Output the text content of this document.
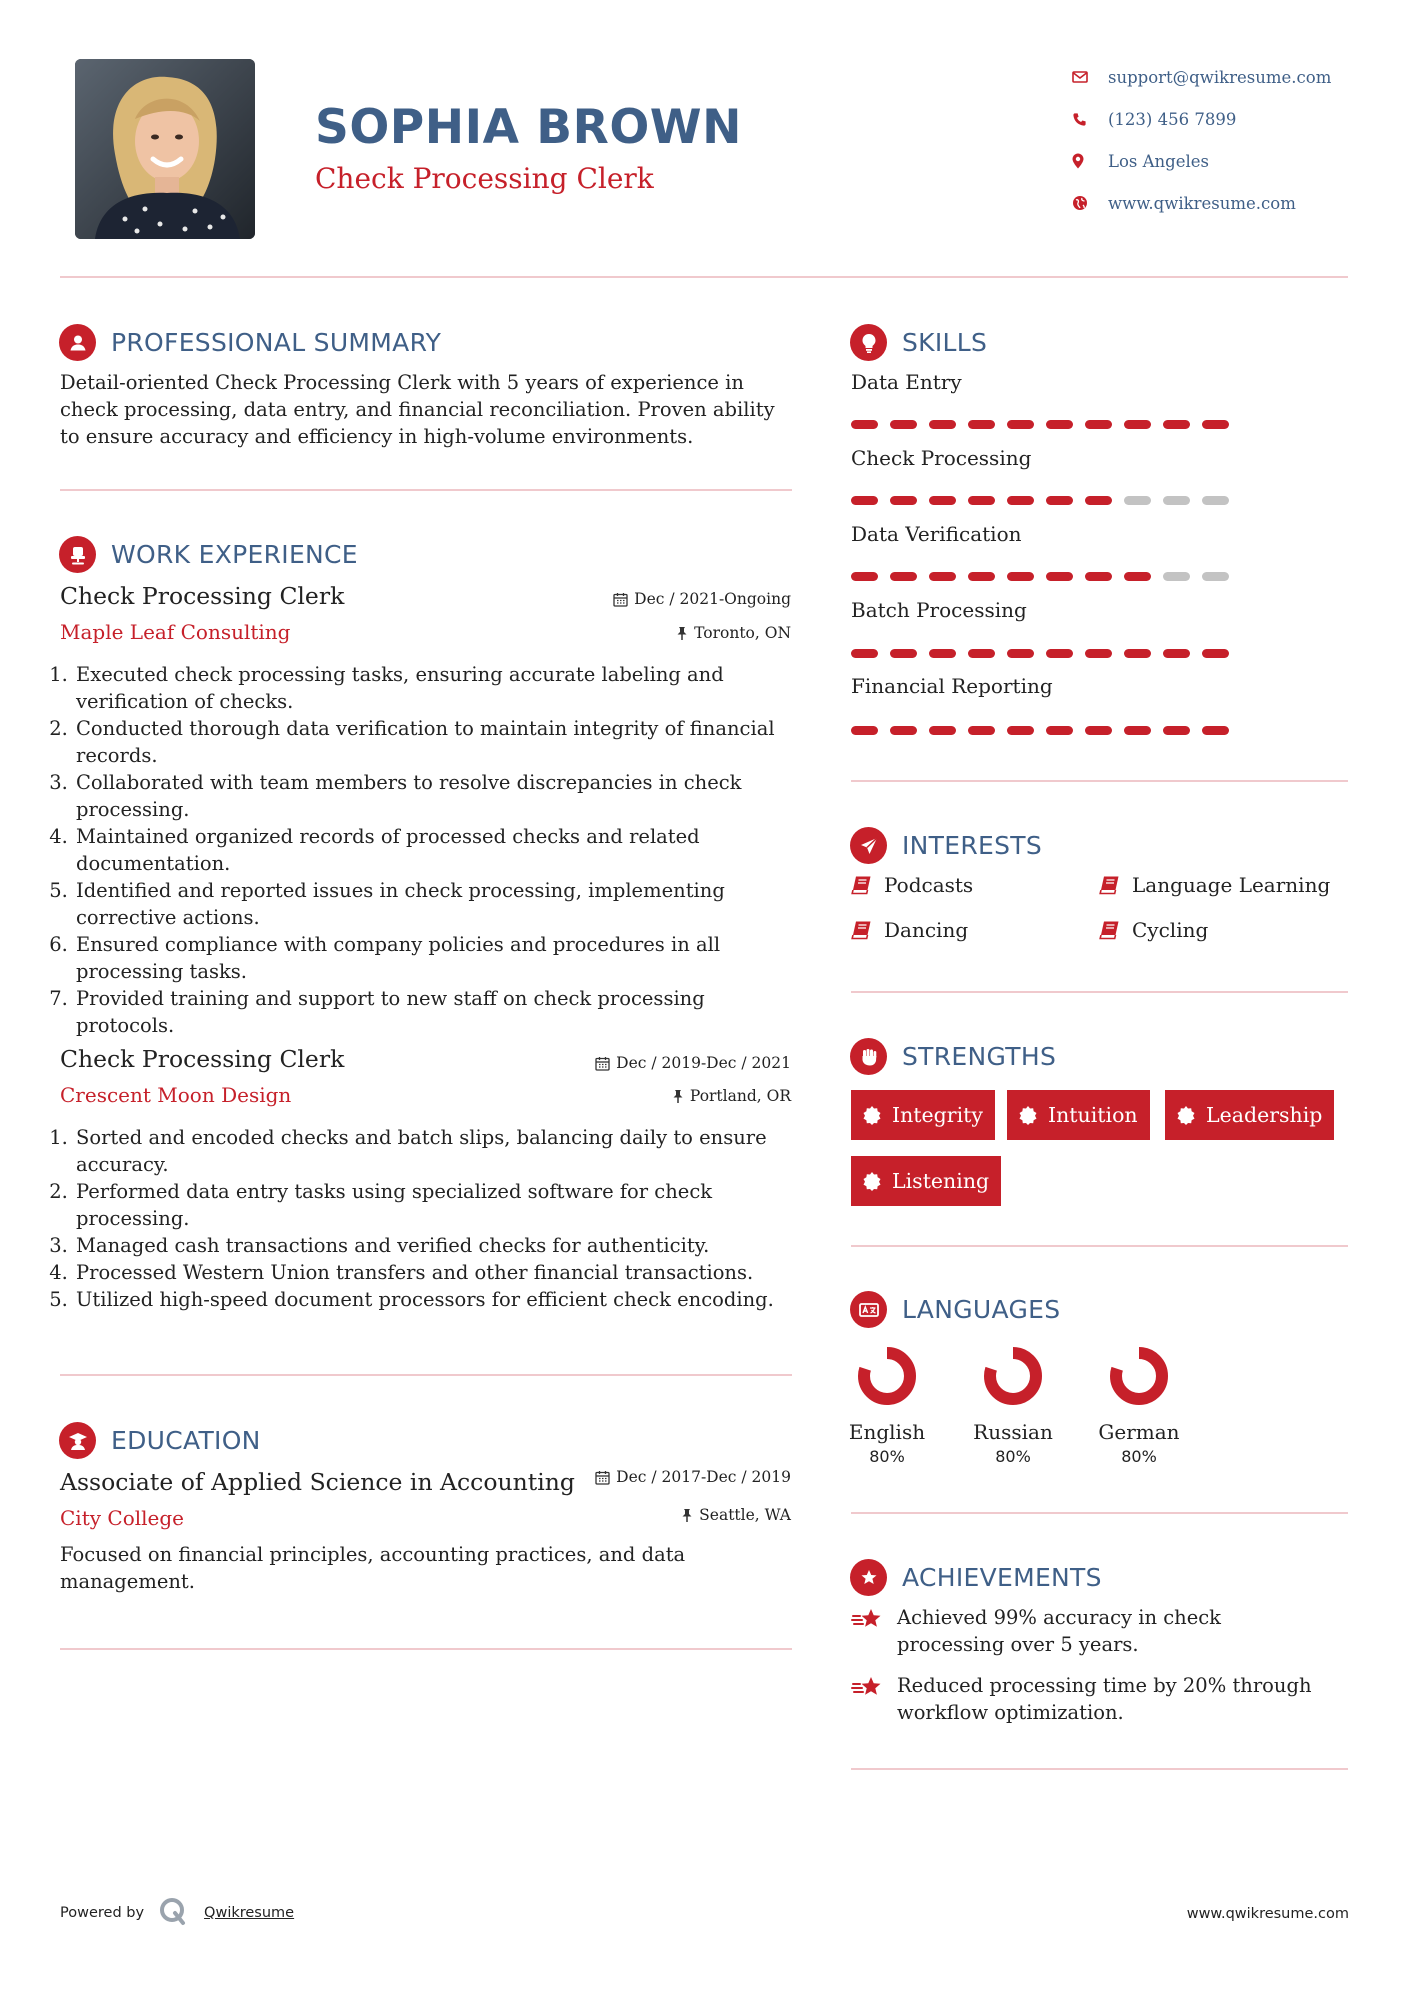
SOPHIA BROWN
Check Processing Clerk
support@qwikresume.com
(123) 456 7899
Los Angeles
www.qwikresume.com
PROFESSIONAL SUMMARY
Detail-oriented Check Processing Clerk with 5 years of experience in check processing, data entry, and financial reconciliation. Proven ability to ensure accuracy and efficiency in high-volume environments.
WORK EXPERIENCE
Check Processing Clerk	Dec / 2021-Ongoing
Maple Leaf Consulting	Toronto, ON
1. Executed check processing tasks, ensuring accurate labeling and verification of checks.
2. Conducted thorough data verification to maintain integrity of financial records.
3. Collaborated with team members to resolve discrepancies in check processing.
4. Maintained organized records of processed checks and related documentation.
5. Identified and reported issues in check processing, implementing corrective actions.
6. Ensured compliance with company policies and procedures in all processing tasks.
7. Provided training and support to new staff on check processing protocols.
Check Processing Clerk	Dec / 2019-Dec / 2021
Crescent Moon Design	Portland, OR
1. Sorted and encoded checks and batch slips, balancing daily to ensure accuracy.
2. Performed data entry tasks using specialized software for check processing.
3. Managed cash transactions and verified checks for authenticity.
4. Processed Western Union transfers and other financial transactions.
5. Utilized high-speed document processors for efficient check encoding.
EDUCATION
Associate of Applied Science in Accounting	Dec / 2017-Dec / 2019
City College	Seattle, WA
Focused on financial principles, accounting practices, and data management.
SKILLS
Data Entry
Check Processing
Data Verification
Batch Processing
Financial Reporting
INTERESTS
Podcasts	Language Learning
Dancing	Cycling
STRENGTHS
Integrity	Intuition	Leadership
Listening
LANGUAGES
English
80%
Russian
80%
German
80%
ACHIEVEMENTS
Achieved 99% accuracy in check processing over 5 years.
Reduced processing time by 20% through workflow optimization.
Powered by	Qwikresume	www.qwikresume.com
